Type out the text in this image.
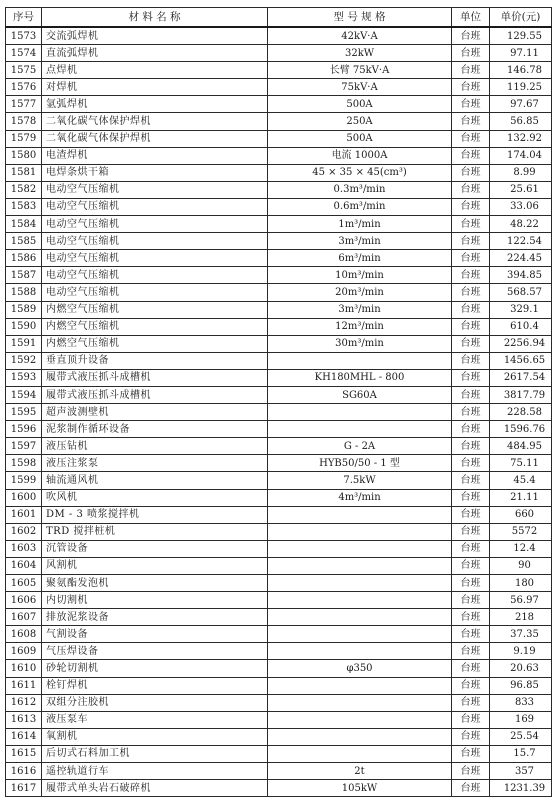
序号	材 料 名 称	型 号 规 格	单位	单价(元)
1573	交流弧焊机	42kV·A	台班	129.55
1574	直流弧焊机	32kW	台班	97.11
1575	点焊机	长臂 75kV·A	台班	146.78
1576	对焊机	75kV·A	台班	119.25
1577	氩弧焊机	500A	台班	97.67
1578	二氧化碳气体保护焊机	250A	台班	56.85
1579	二氧化碳气体保护焊机	500A	台班	132.92
1580	电渣焊机	电流 1000A	台班	174.04
1581	电焊条烘干箱	45 × 35 × 45(cm³)	台班	8.99
1582	电动空气压缩机	0.3m³/min	台班	25.61
1583	电动空气压缩机	0.6m³/min	台班	33.06
1584	电动空气压缩机	1m³/min	台班	48.22
1585	电动空气压缩机	3m³/min	台班	122.54
1586	电动空气压缩机	6m³/min	台班	224.45
1587	电动空气压缩机	10m³/min	台班	394.85
1588	电动空气压缩机	20m³/min	台班	568.57
1589	内燃空气压缩机	3m³/min	台班	329.1
1590	内燃空气压缩机	12m³/min	台班	610.4
1591	内燃空气压缩机	30m³/min	台班	2256.94
1592	垂直顶升设备		台班	1456.65
1593	履带式液压抓斗成槽机	KH180MHL - 800	台班	2617.54
1594	履带式液压抓斗成槽机	SG60A	台班	3817.79
1595	超声波测壁机		台班	228.58
1596	泥浆制作循环设备		台班	1596.76
1597	液压钻机	G - 2A	台班	484.95
1598	液压注浆泵	HYB50/50 - 1 型	台班	75.11
1599	轴流通风机	7.5kW	台班	45.4
1600	吹风机	4m³/min	台班	21.11
1601	DM - 3 喷浆搅拌机		台班	660
1602	TRD 搅拌桩机		台班	5572
1603	沉管设备		台班	12.4
1604	风割机		台班	90
1605	聚氨酯发泡机		台班	180
1606	内切割机		台班	56.97
1607	排放泥浆设备		台班	218
1608	气割设备		台班	37.35
1609	气压焊设备		台班	9.19
1610	砂轮切割机	φ350	台班	20.63
1611	栓钉焊机		台班	96.85
1612	双组分注胶机		台班	833
1613	液压泵车		台班	169
1614	氧割机		台班	25.54
1615	后切式石料加工机		台班	15.7
1616	遥控轨道行车	2t	台班	357
1617	履带式单头岩石破碎机	105kW	台班	1231.39
